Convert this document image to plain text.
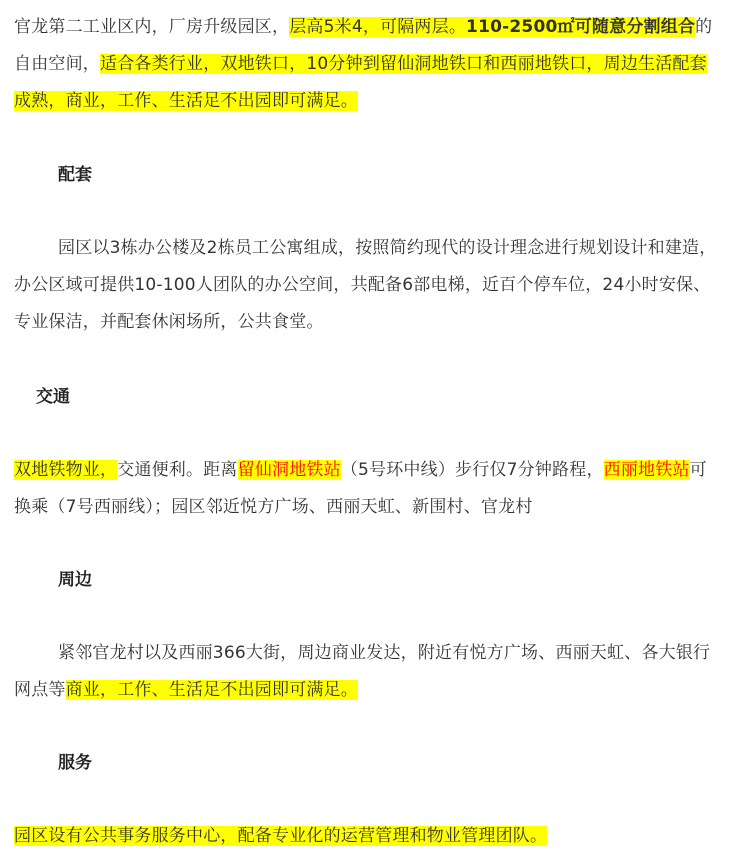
官龙第二工业区内，厂房升级园区，层高5米4，可隔两层。110-2500㎡可随意分割组合的自由空间，适合各类行业，双地铁口，10分钟到留仙洞地铁口和西丽地铁口，周边生活配套成熟，商业，工作、生活足不出园即可满足。

配套

园区以3栋办公楼及2栋员工公寓组成，按照简约现代的设计理念进行规划设计和建造，办公区域可提供10-100人团队的办公空间，共配备6部电梯，近百个停车位，24小时安保、专业保洁，并配套休闲场所，公共食堂。

交通

双地铁物业，交通便利。距离留仙洞地铁站（5号环中线）步行仅7分钟路程，西丽地铁站可换乘（7号西丽线）；园区邻近悦方广场、西丽天虹、新围村、官龙村

周边

紧邻官龙村以及西丽366大街，周边商业发达，附近有悦方广场、西丽天虹、各大银行网点等商业，工作、生活足不出园即可满足。

服务

园区设有公共事务服务中心，配备专业化的运营管理和物业管理团队。
